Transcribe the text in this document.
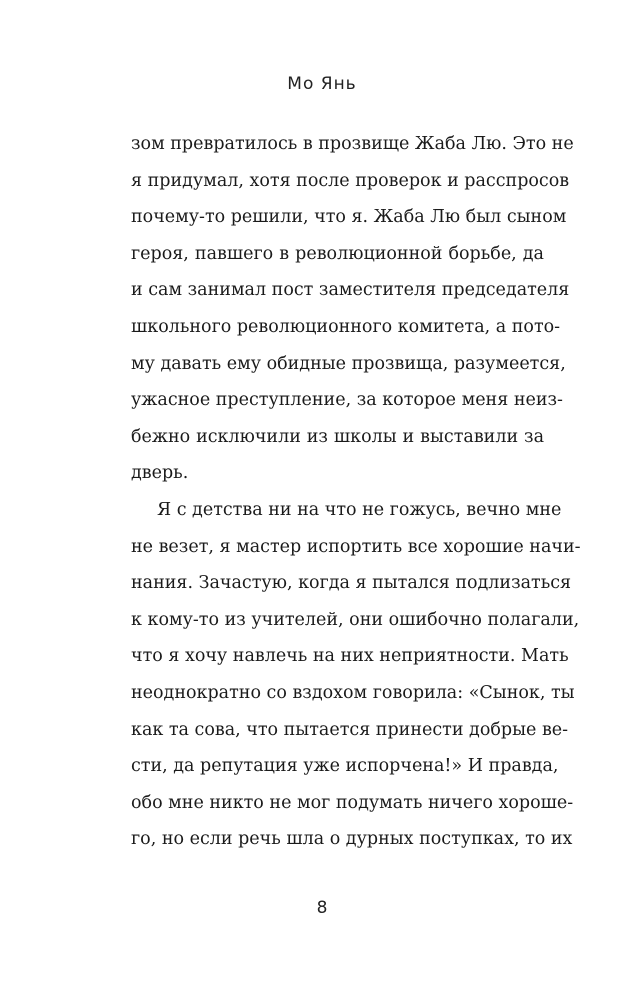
Мо Янь
зом превратилось в прозвище Жаба Лю. Это не
я придумал, хотя после проверок и расспросов
почему-то решили, что я. Жаба Лю был сыном
героя, павшего в революционной борьбе, да
и сам занимал пост заместителя председателя
школьного революционного комитета, а пото-
му давать ему обидные прозвища, разумеется,
ужасное преступление, за которое меня неиз-
бежно исключили из школы и выставили за
дверь.
Я с детства ни на что не гожусь, вечно мне
не везет, я мастер испортить все хорошие начи-
нания. Зачастую, когда я пытался подлизаться
к кому-то из учителей, они ошибочно полагали,
что я хочу навлечь на них неприятности. Мать
неоднократно со вздохом говорила: «Сынок, ты
как та сова, что пытается принести добрые ве-
сти, да репутация уже испорчена!» И правда,
обо мне никто не мог подумать ничего хороше-
го, но если речь шла о дурных поступках, то их
8
